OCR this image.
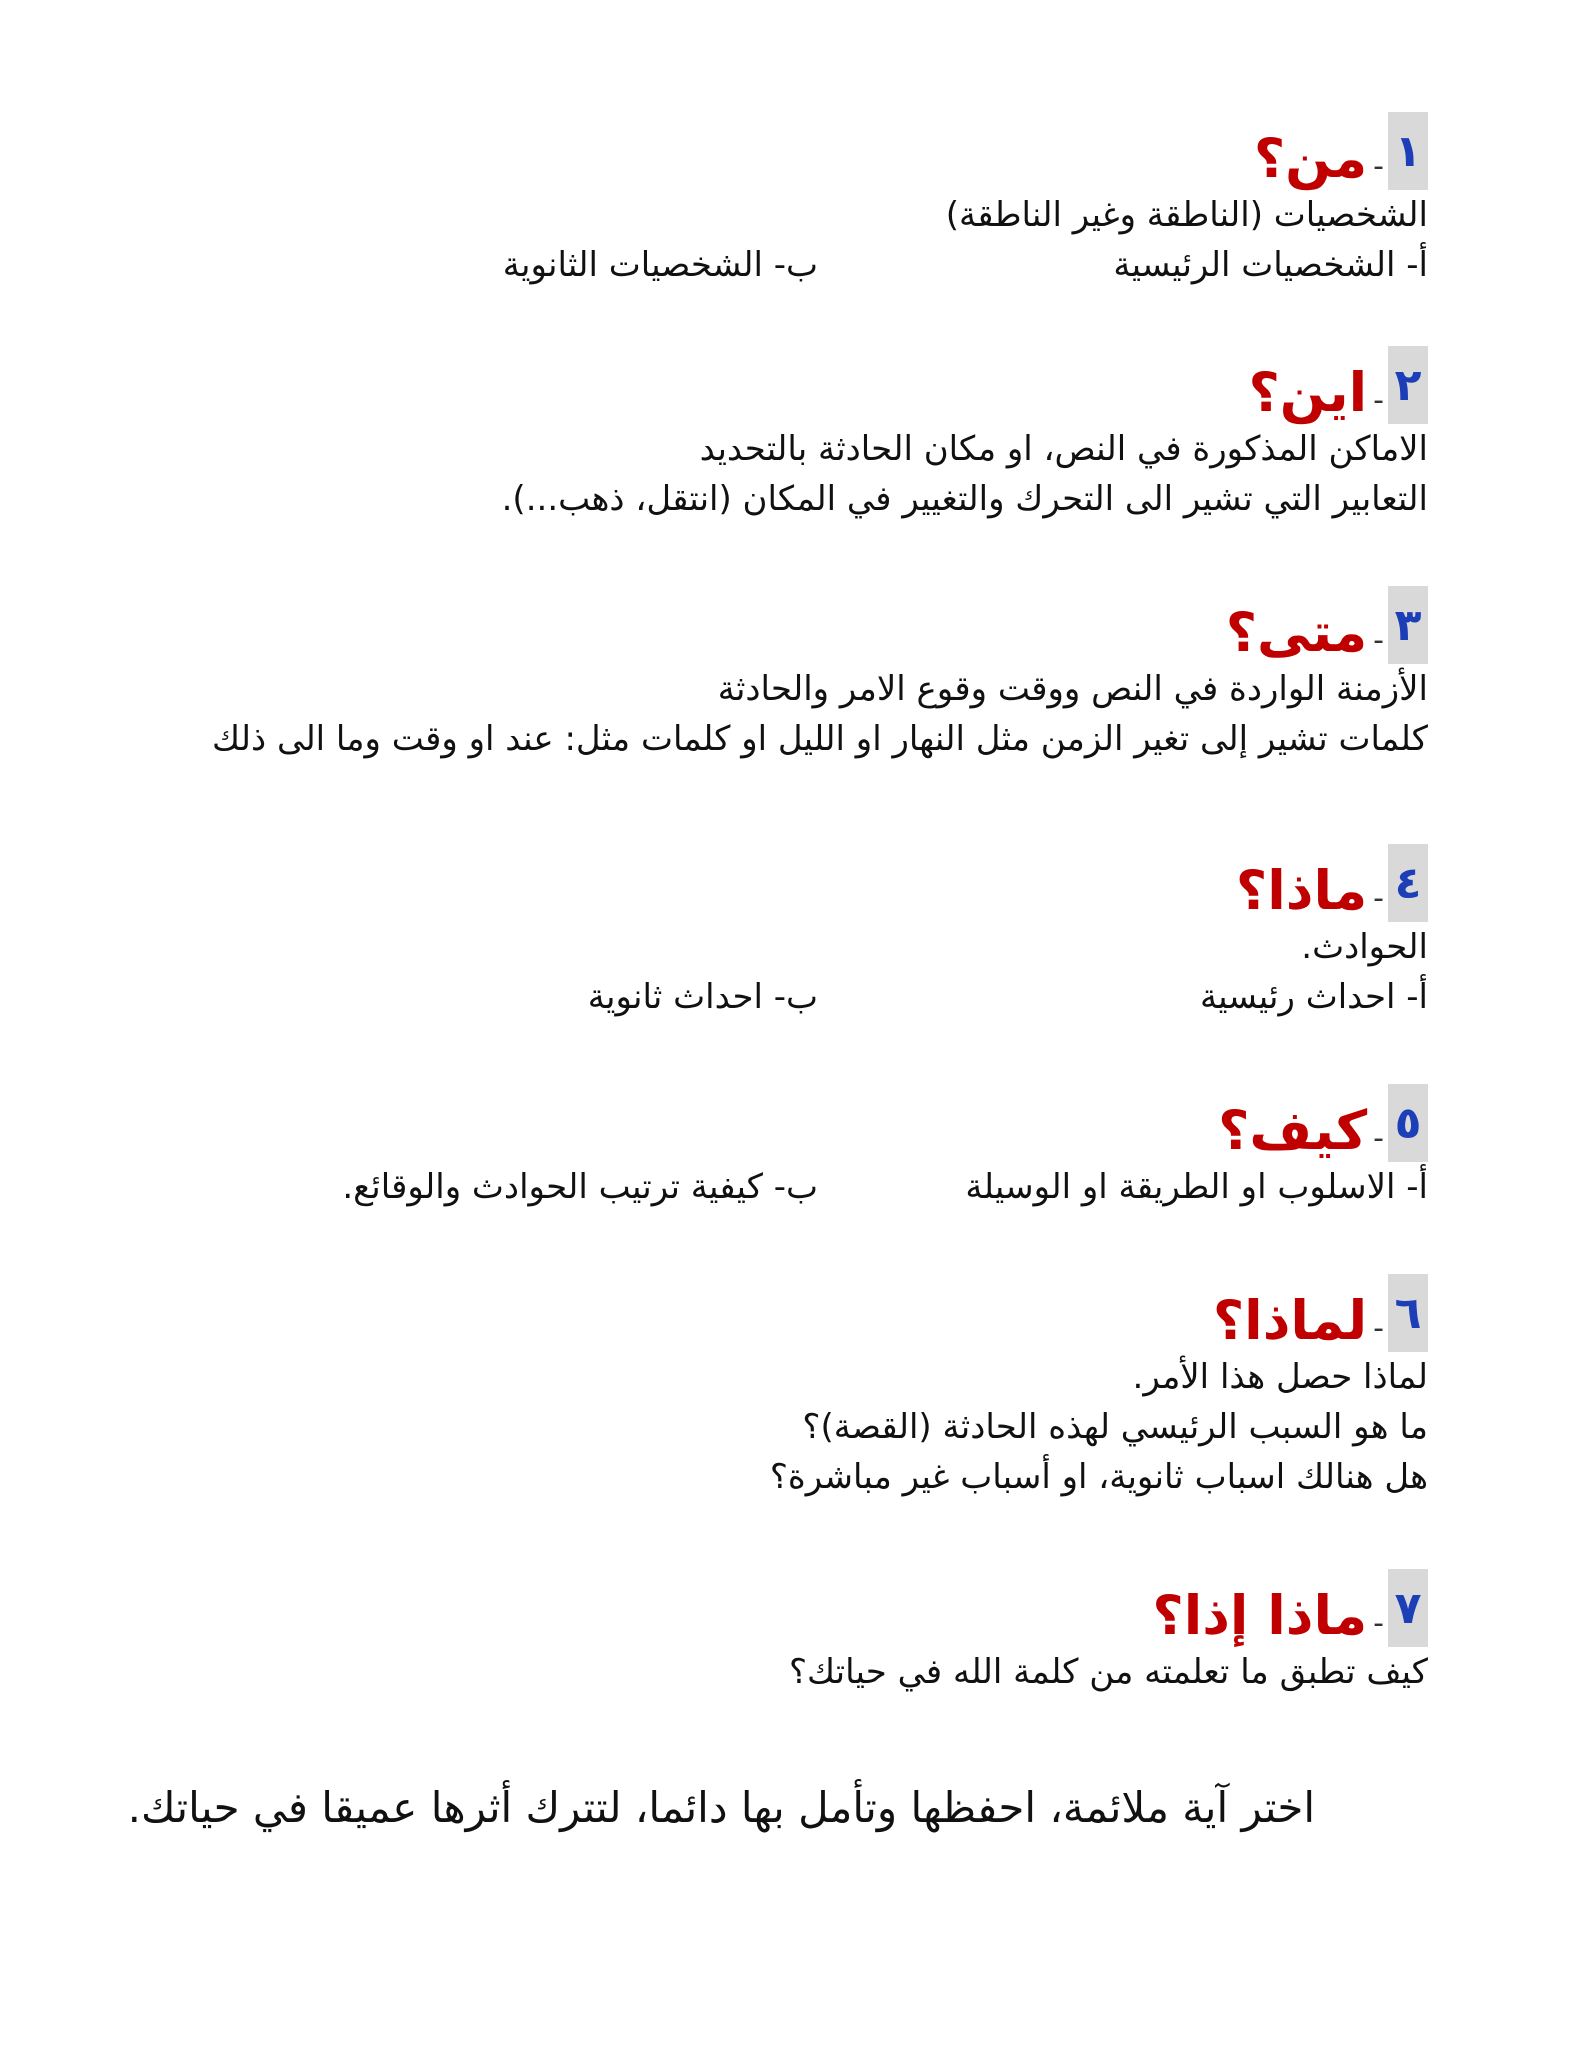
١
-
من؟
الشخصيات (الناطقة وغير الناطقة)
أ- الشخصيات الرئيسية
ب- الشخصيات الثانوية
٢
-
اين؟
الاماكن المذكورة في النص، او مكان الحادثة بالتحديد
التعابير التي تشير الى التحرك والتغيير في المكان (انتقل، ذهب...).
٣
-
متى؟
الأزمنة الواردة في النص ووقت وقوع الامر والحادثة
كلمات تشير إلى تغير الزمن مثل النهار او الليل او كلمات مثل: عند او وقت وما الى ذلك
٤
-
ماذا؟
الحوادث.
أ- احداث رئيسية
ب- احداث ثانوية
٥
-
كيف؟
أ- الاسلوب او الطريقة او الوسيلة
ب- كيفية ترتيب الحوادث والوقائع.
٦
-
لماذا؟
لماذا حصل هذا الأمر.
ما هو السبب الرئيسي لهذه الحادثة (القصة)؟
هل هنالك اسباب ثانوية، او أسباب غير مباشرة؟
٧
-
ماذا إذا؟
كيف تطبق ما تعلمته من كلمة الله في حياتك؟
اختر آية ملائمة، احفظها وتأمل بها دائما، لتترك أثرها عميقا في حياتك.
